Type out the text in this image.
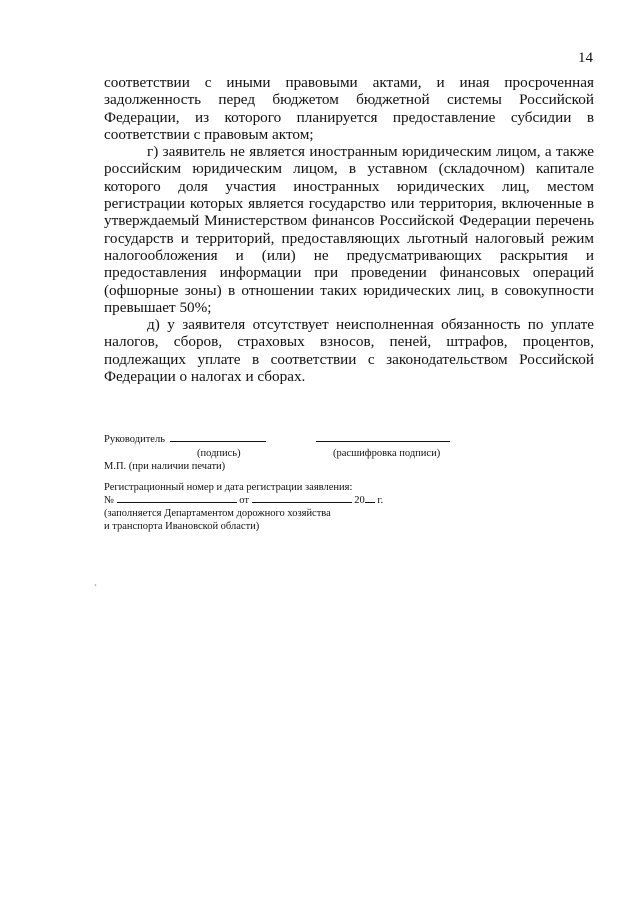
14

соответствии с иными правовыми актами, и иная просроченная задолженность перед бюджетом бюджетной системы Российской Федерации, из которого планируется предоставление субсидии в соответствии с правовым актом;

г) заявитель не является иностранным юридическим лицом, а также российским юридическим лицом, в уставном (складочном) капитале которого доля участия иностранных юридических лиц, местом регистрации которых является государство или территория, включенные в утверждаемый Министерством финансов Российской Федерации перечень государств и территорий, предоставляющих льготный налоговый режим налогообложения и (или) не предусматривающих раскрытия и предоставления информации при проведении финансовых операций (офшорные зоны) в отношении таких юридических лиц, в совокупности превышает 50%;

д) у заявителя отсутствует неисполненная обязанность по уплате налогов, сборов, страховых взносов, пеней, штрафов, процентов, подлежащих уплате в соответствии с законодательством Российской Федерации о налогах и сборах.

Руководитель
(подпись)	(расшифровка подписи)
М.П. (при наличии печати)
Регистрационный номер и дата регистрации заявления:
№	от	20 г.
(заполняется Департаментом дорожного хозяйства
и транспорта Ивановской области)
`
